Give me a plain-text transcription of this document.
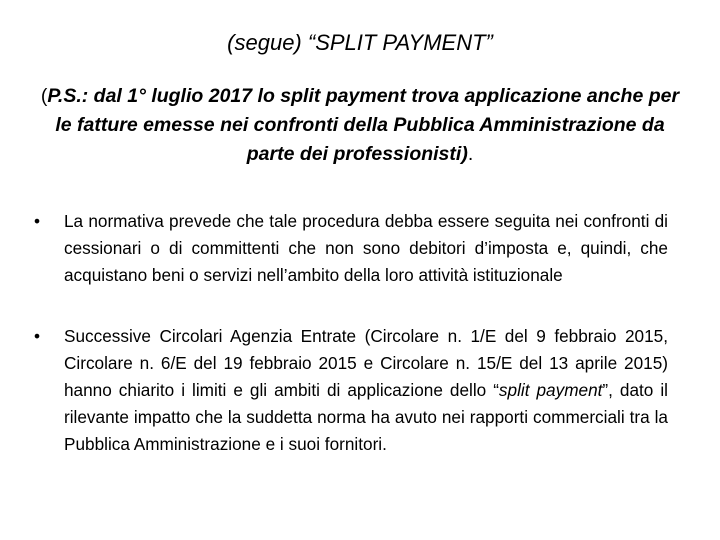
(segue) “SPLIT PAYMENT”
(P.S.: dal 1° luglio 2017 lo split payment trova applicazione anche per le fatture emesse nei confronti della Pubblica Amministrazione da parte dei professionisti).
• La normativa prevede che tale procedura debba essere seguita nei confronti di cessionari o di committenti che non sono debitori d’imposta e, quindi, che acquistano beni o servizi nell’ambito della loro attività istituzionale
• Successive Circolari Agenzia Entrate (Circolare n. 1/E del 9 febbraio 2015, Circolare n. 6/E del 19 febbraio 2015 e Circolare n. 15/E del 13 aprile 2015) hanno chiarito i limiti e gli ambiti di applicazione dello “split payment”, dato il rilevante impatto che la suddetta norma ha avuto nei rapporti commerciali tra la Pubblica Amministrazione e i suoi fornitori.
